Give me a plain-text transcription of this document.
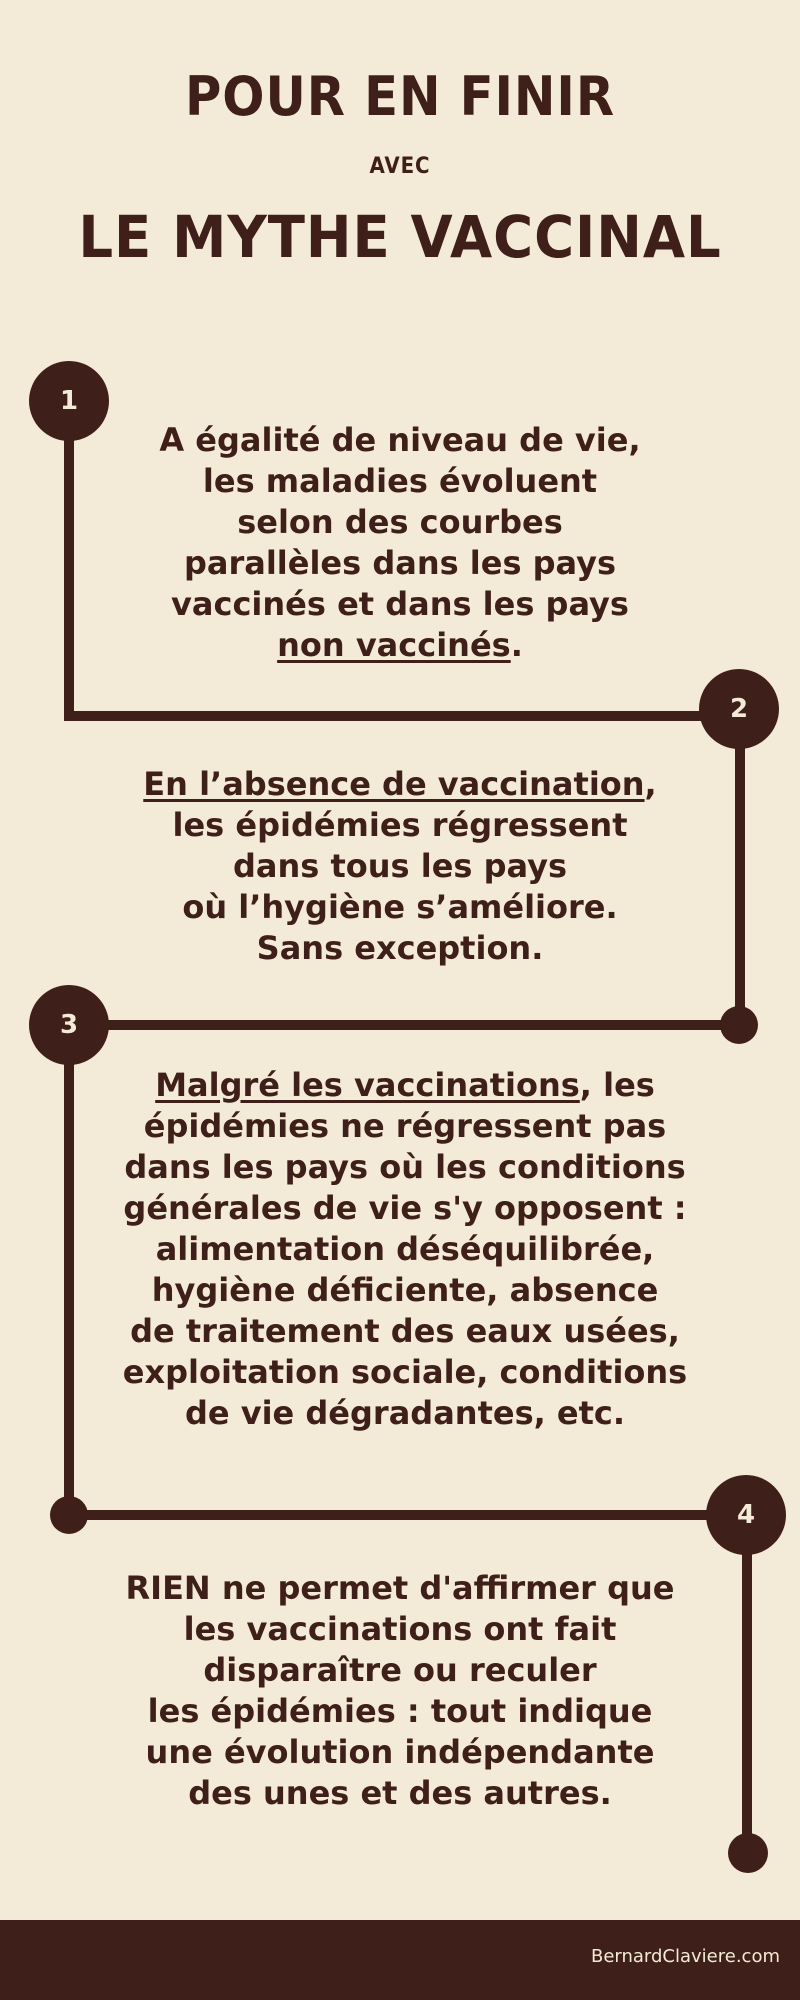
POUR EN FINIR
AVEC
LE MYTHE VACCINAL
1
2
3
4
A égalité de niveau de vie,
les maladies évoluent
selon des courbes
parallèles dans les pays
vaccinés et dans les pays
non vaccinés.
En l’absence de vaccination,
les épidémies régressent
dans tous les pays
où l’hygiène s’améliore.
Sans exception.
Malgré les vaccinations, les
épidémies ne régressent pas
dans les pays où les conditions
générales de vie s'y opposent :
alimentation déséquilibrée,
hygiène déficiente, absence
de traitement des eaux usées,
exploitation sociale, conditions
de vie dégradantes, etc.
RIEN ne permet d'affirmer que
les vaccinations ont fait
disparaître ou reculer
les épidémies : tout indique
une évolution indépendante
des unes et des autres.
BernardClaviere.com
